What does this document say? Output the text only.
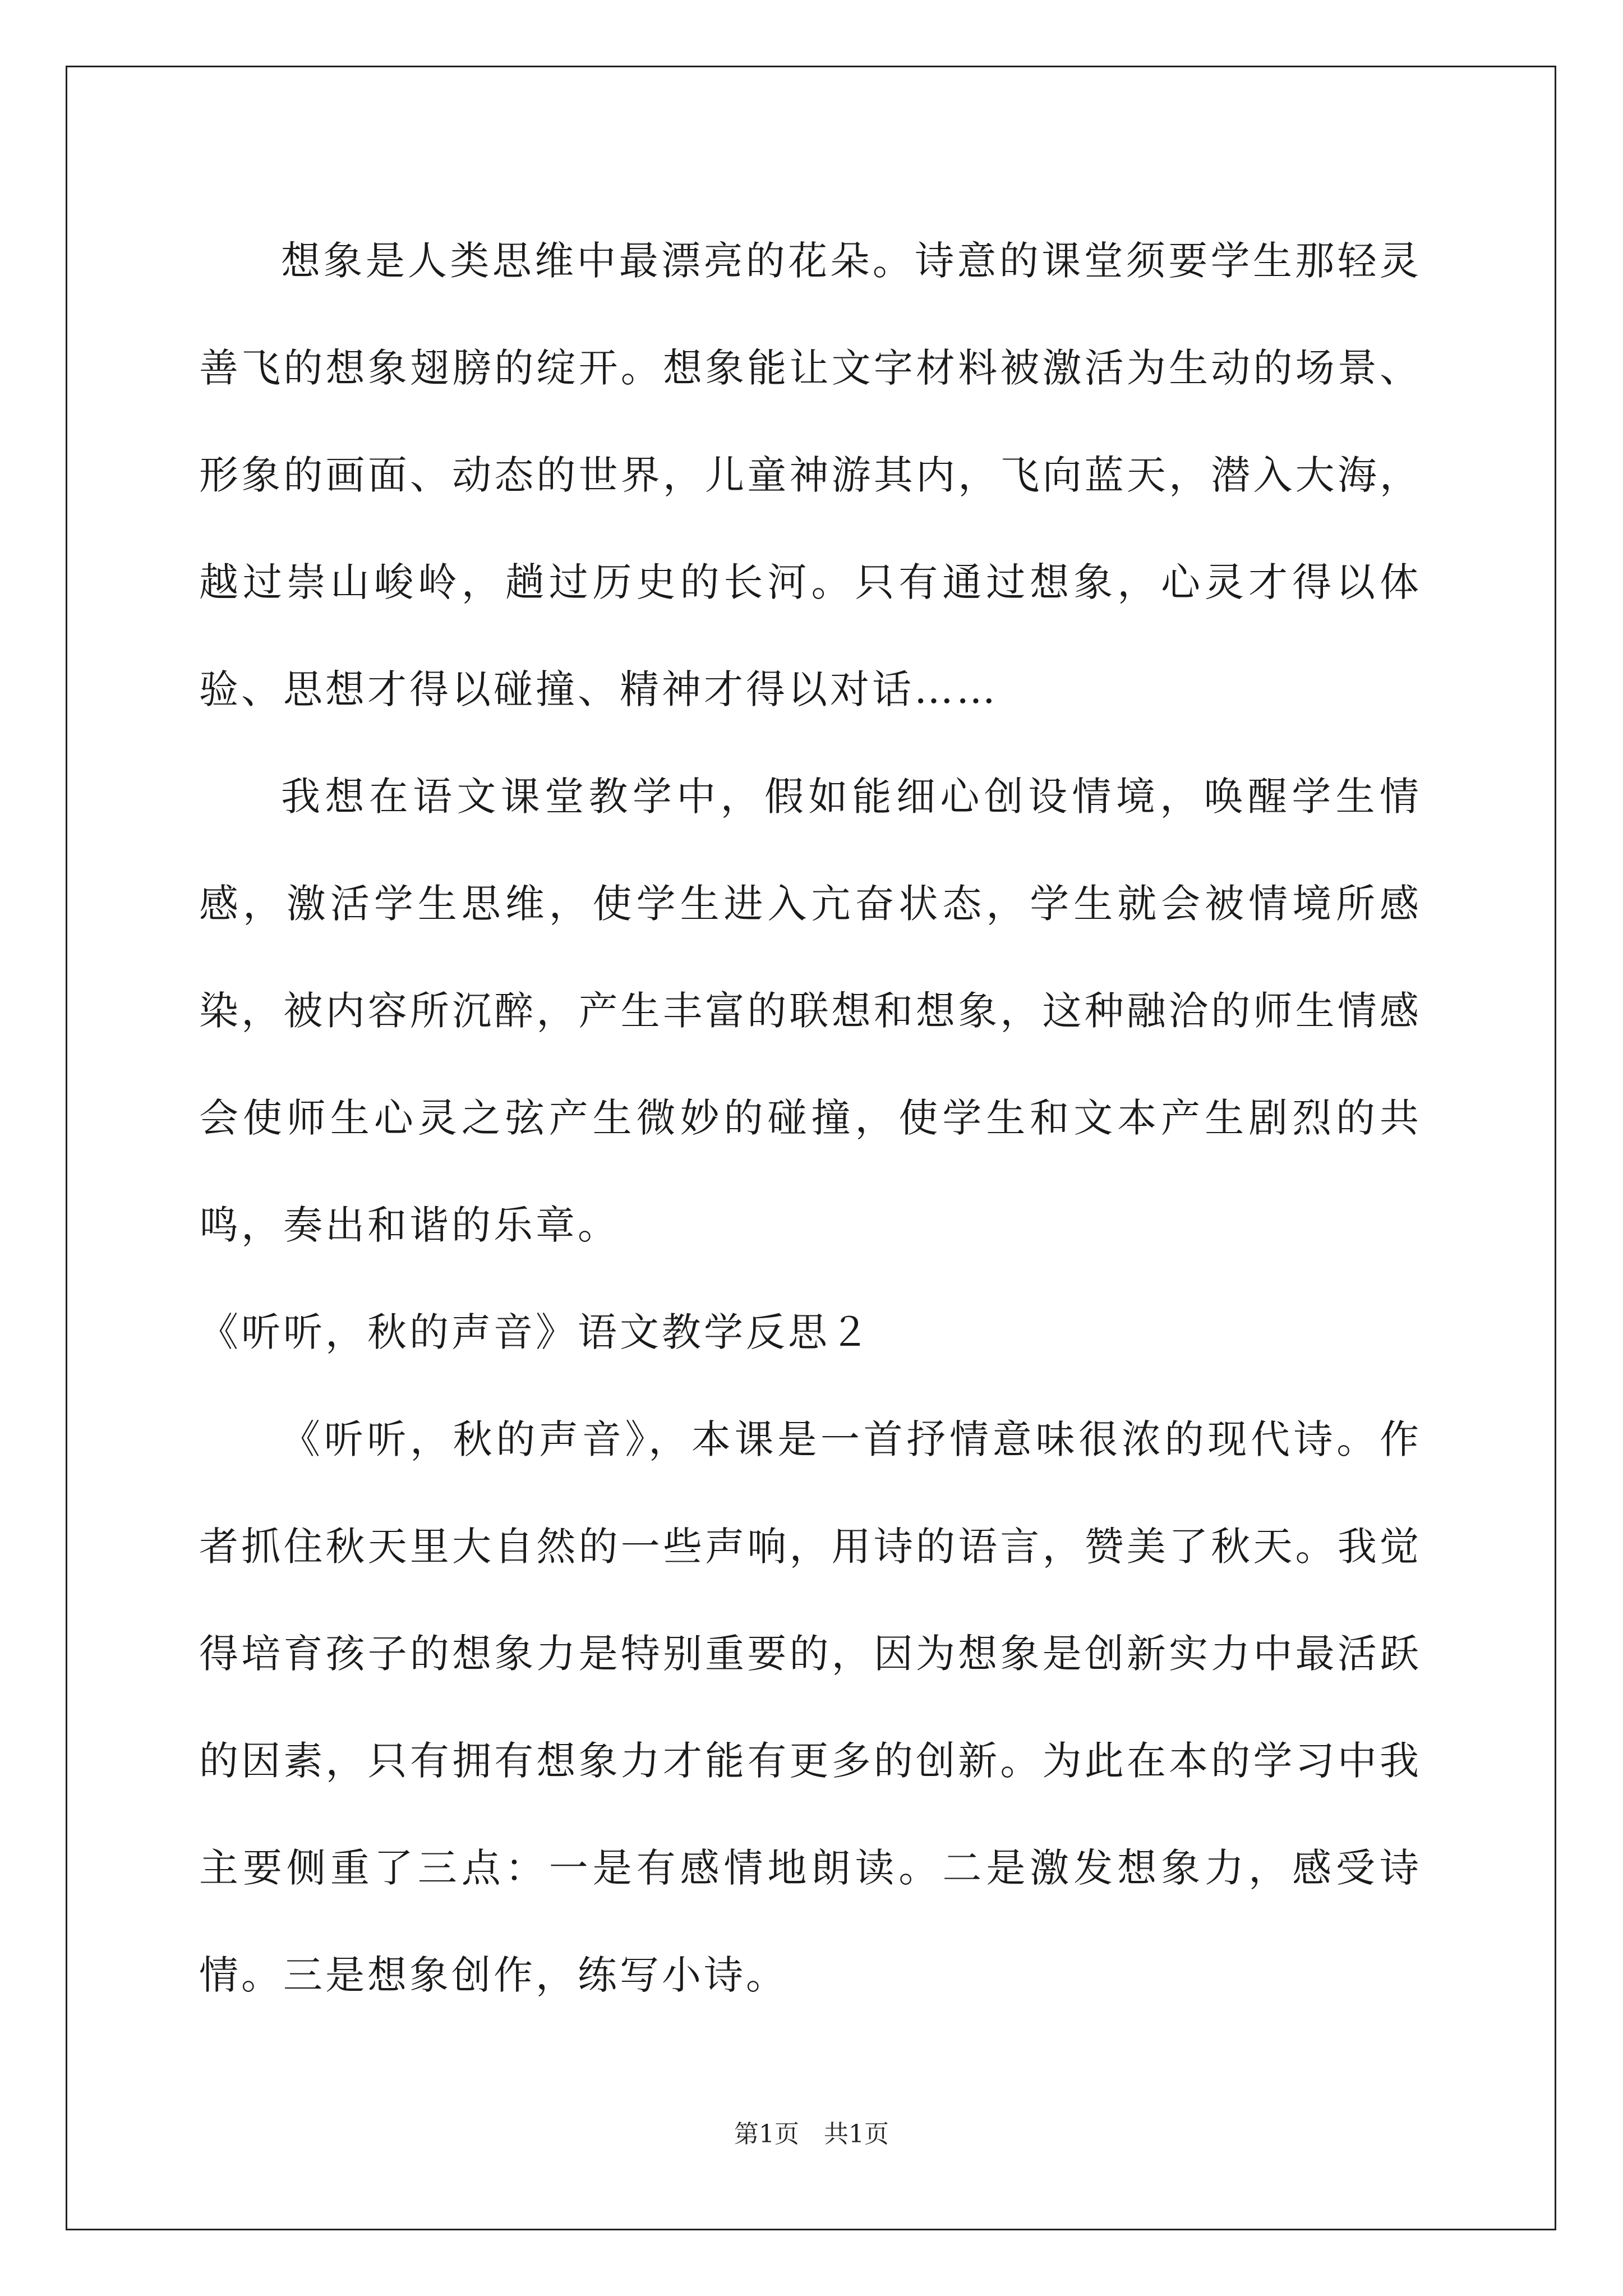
想象是人类思维中最漂亮的花朵。诗意的课堂须要学生那轻灵善飞的想象翅膀的绽开。想象能让文字材料被激活为生动的场景、形象的画面、动态的世界，儿童神游其内，飞向蓝天，潜入大海，越过崇山峻岭，趟过历史的长河。只有通过想象，心灵才得以体验、思想才得以碰撞、精神才得以对话……

我想在语文课堂教学中，假如能细心创设情境，唤醒学生情感，激活学生思维，使学生进入亢奋状态，学生就会被情境所感染，被内容所沉醉，产生丰富的联想和想象，这种融洽的师生情感会使师生心灵之弦产生微妙的碰撞，使学生和文本产生剧烈的共鸣，奏出和谐的乐章。

《听听，秋的声音》语文教学反思２

《听听，秋的声音》，本课是一首抒情意味很浓的现代诗。作者抓住秋天里大自然的一些声响，用诗的语言，赞美了秋天。我觉得培育孩子的想象力是特别重要的，因为想象是创新实力中最活跃的因素，只有拥有想象力才能有更多的创新。为此在本的学习中我主要侧重了三点：一是有感情地朗读。二是激发想象力，感受诗情。三是想象创作，练写小诗。

第1页　共1页
